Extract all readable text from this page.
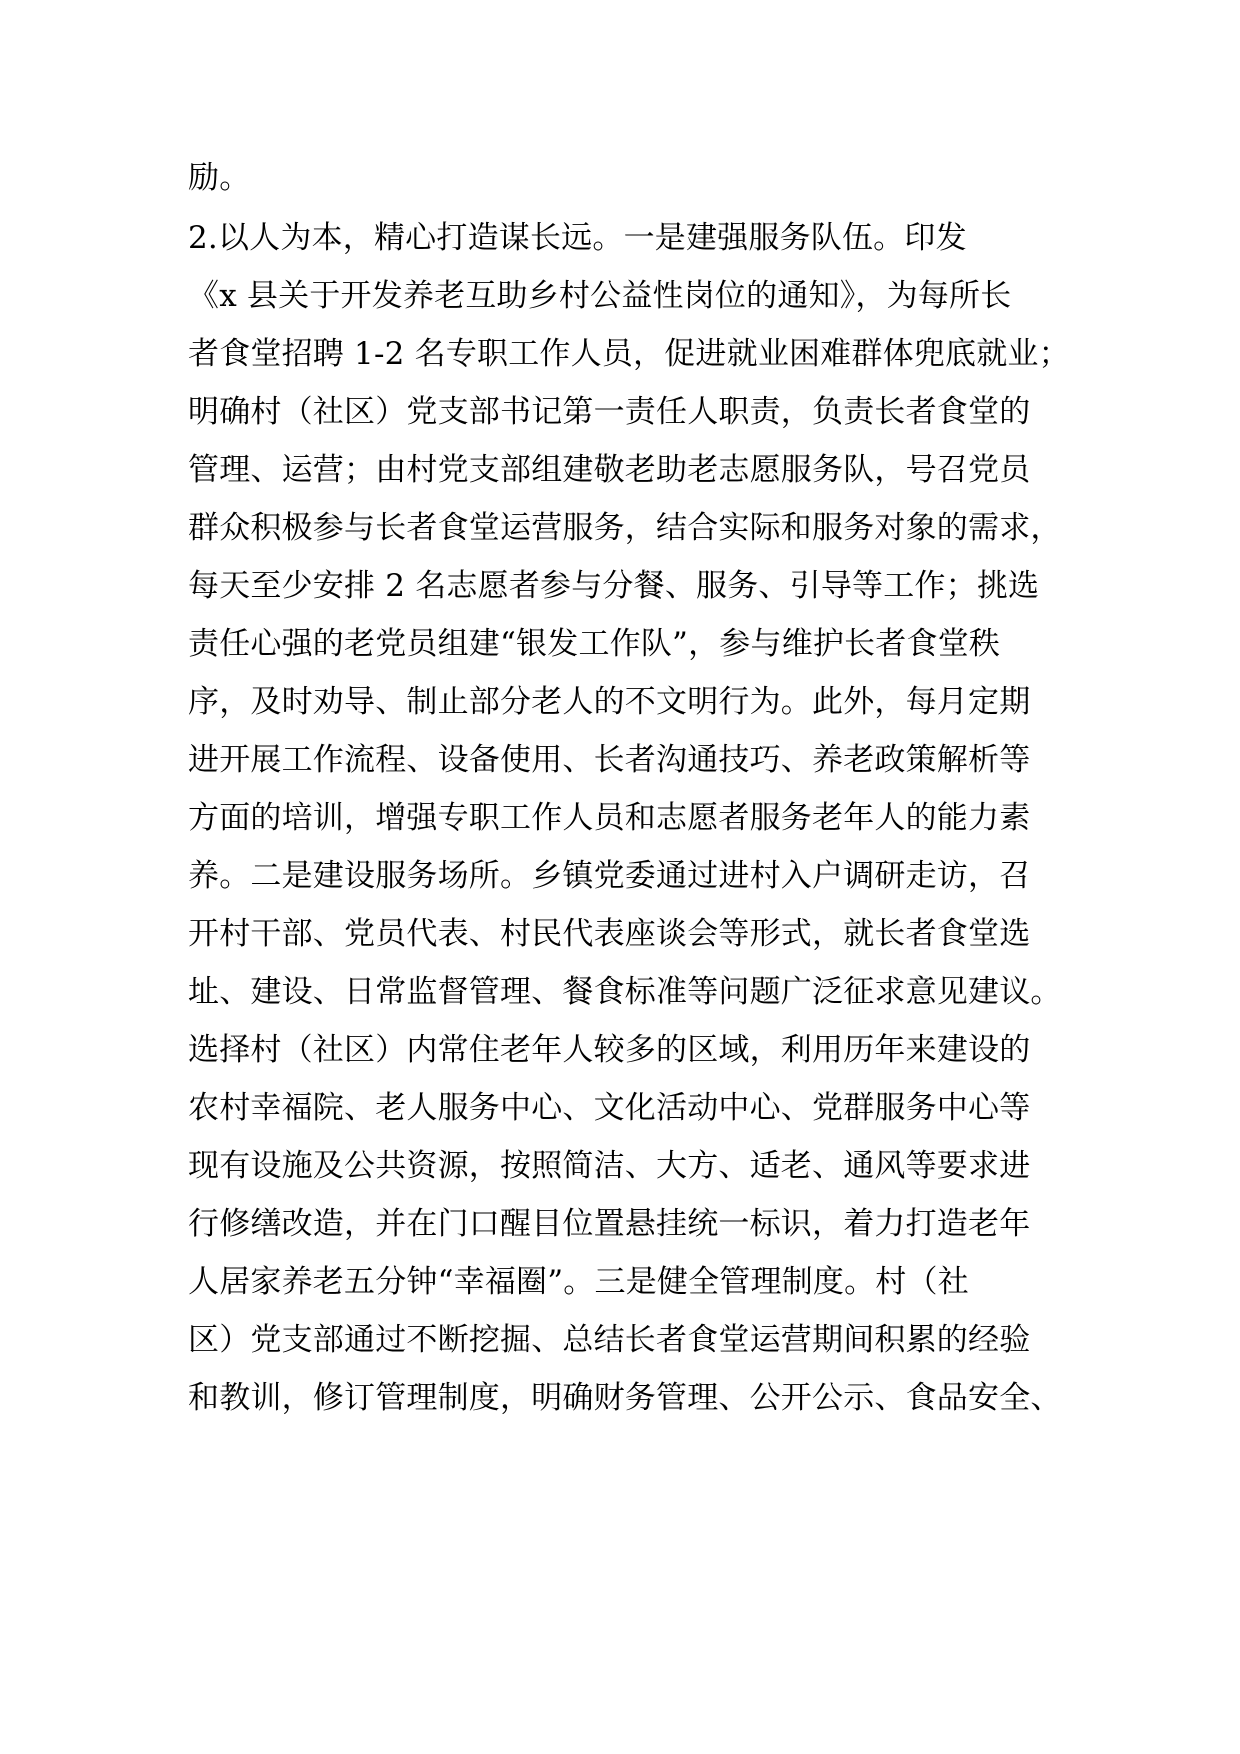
励。
2.以人为本，精心打造谋长远。一是建强服务队伍。印发
《x 县关于开发养老互助乡村公益性岗位的通知》，为每所长
者食堂招聘 1-2 名专职工作人员，促进就业困难群体兜底就业；
明确村（社区）党支部书记第一责任人职责，负责长者食堂的
管理、运营；由村党支部组建敬老助老志愿服务队，号召党员
群众积极参与长者食堂运营服务，结合实际和服务对象的需求，
每天至少安排 2 名志愿者参与分餐、服务、引导等工作；挑选
责任心强的老党员组建“银发工作队”，参与维护长者食堂秩
序，及时劝导、制止部分老人的不文明行为。此外，每月定期
进开展工作流程、设备使用、长者沟通技巧、养老政策解析等
方面的培训，增强专职工作人员和志愿者服务老年人的能力素
养。二是建设服务场所。乡镇党委通过进村入户调研走访，召
开村干部、党员代表、村民代表座谈会等形式，就长者食堂选
址、建设、日常监督管理、餐食标准等问题广泛征求意见建议。
选择村（社区）内常住老年人较多的区域，利用历年来建设的
农村幸福院、老人服务中心、文化活动中心、党群服务中心等
现有设施及公共资源，按照简洁、大方、适老、通风等要求进
行修缮改造，并在门口醒目位置悬挂统一标识，着力打造老年
人居家养老五分钟“幸福圈”。三是健全管理制度。村（社
区）党支部通过不断挖掘、总结长者食堂运营期间积累的经验
和教训，修订管理制度，明确财务管理、公开公示、食品安全、
